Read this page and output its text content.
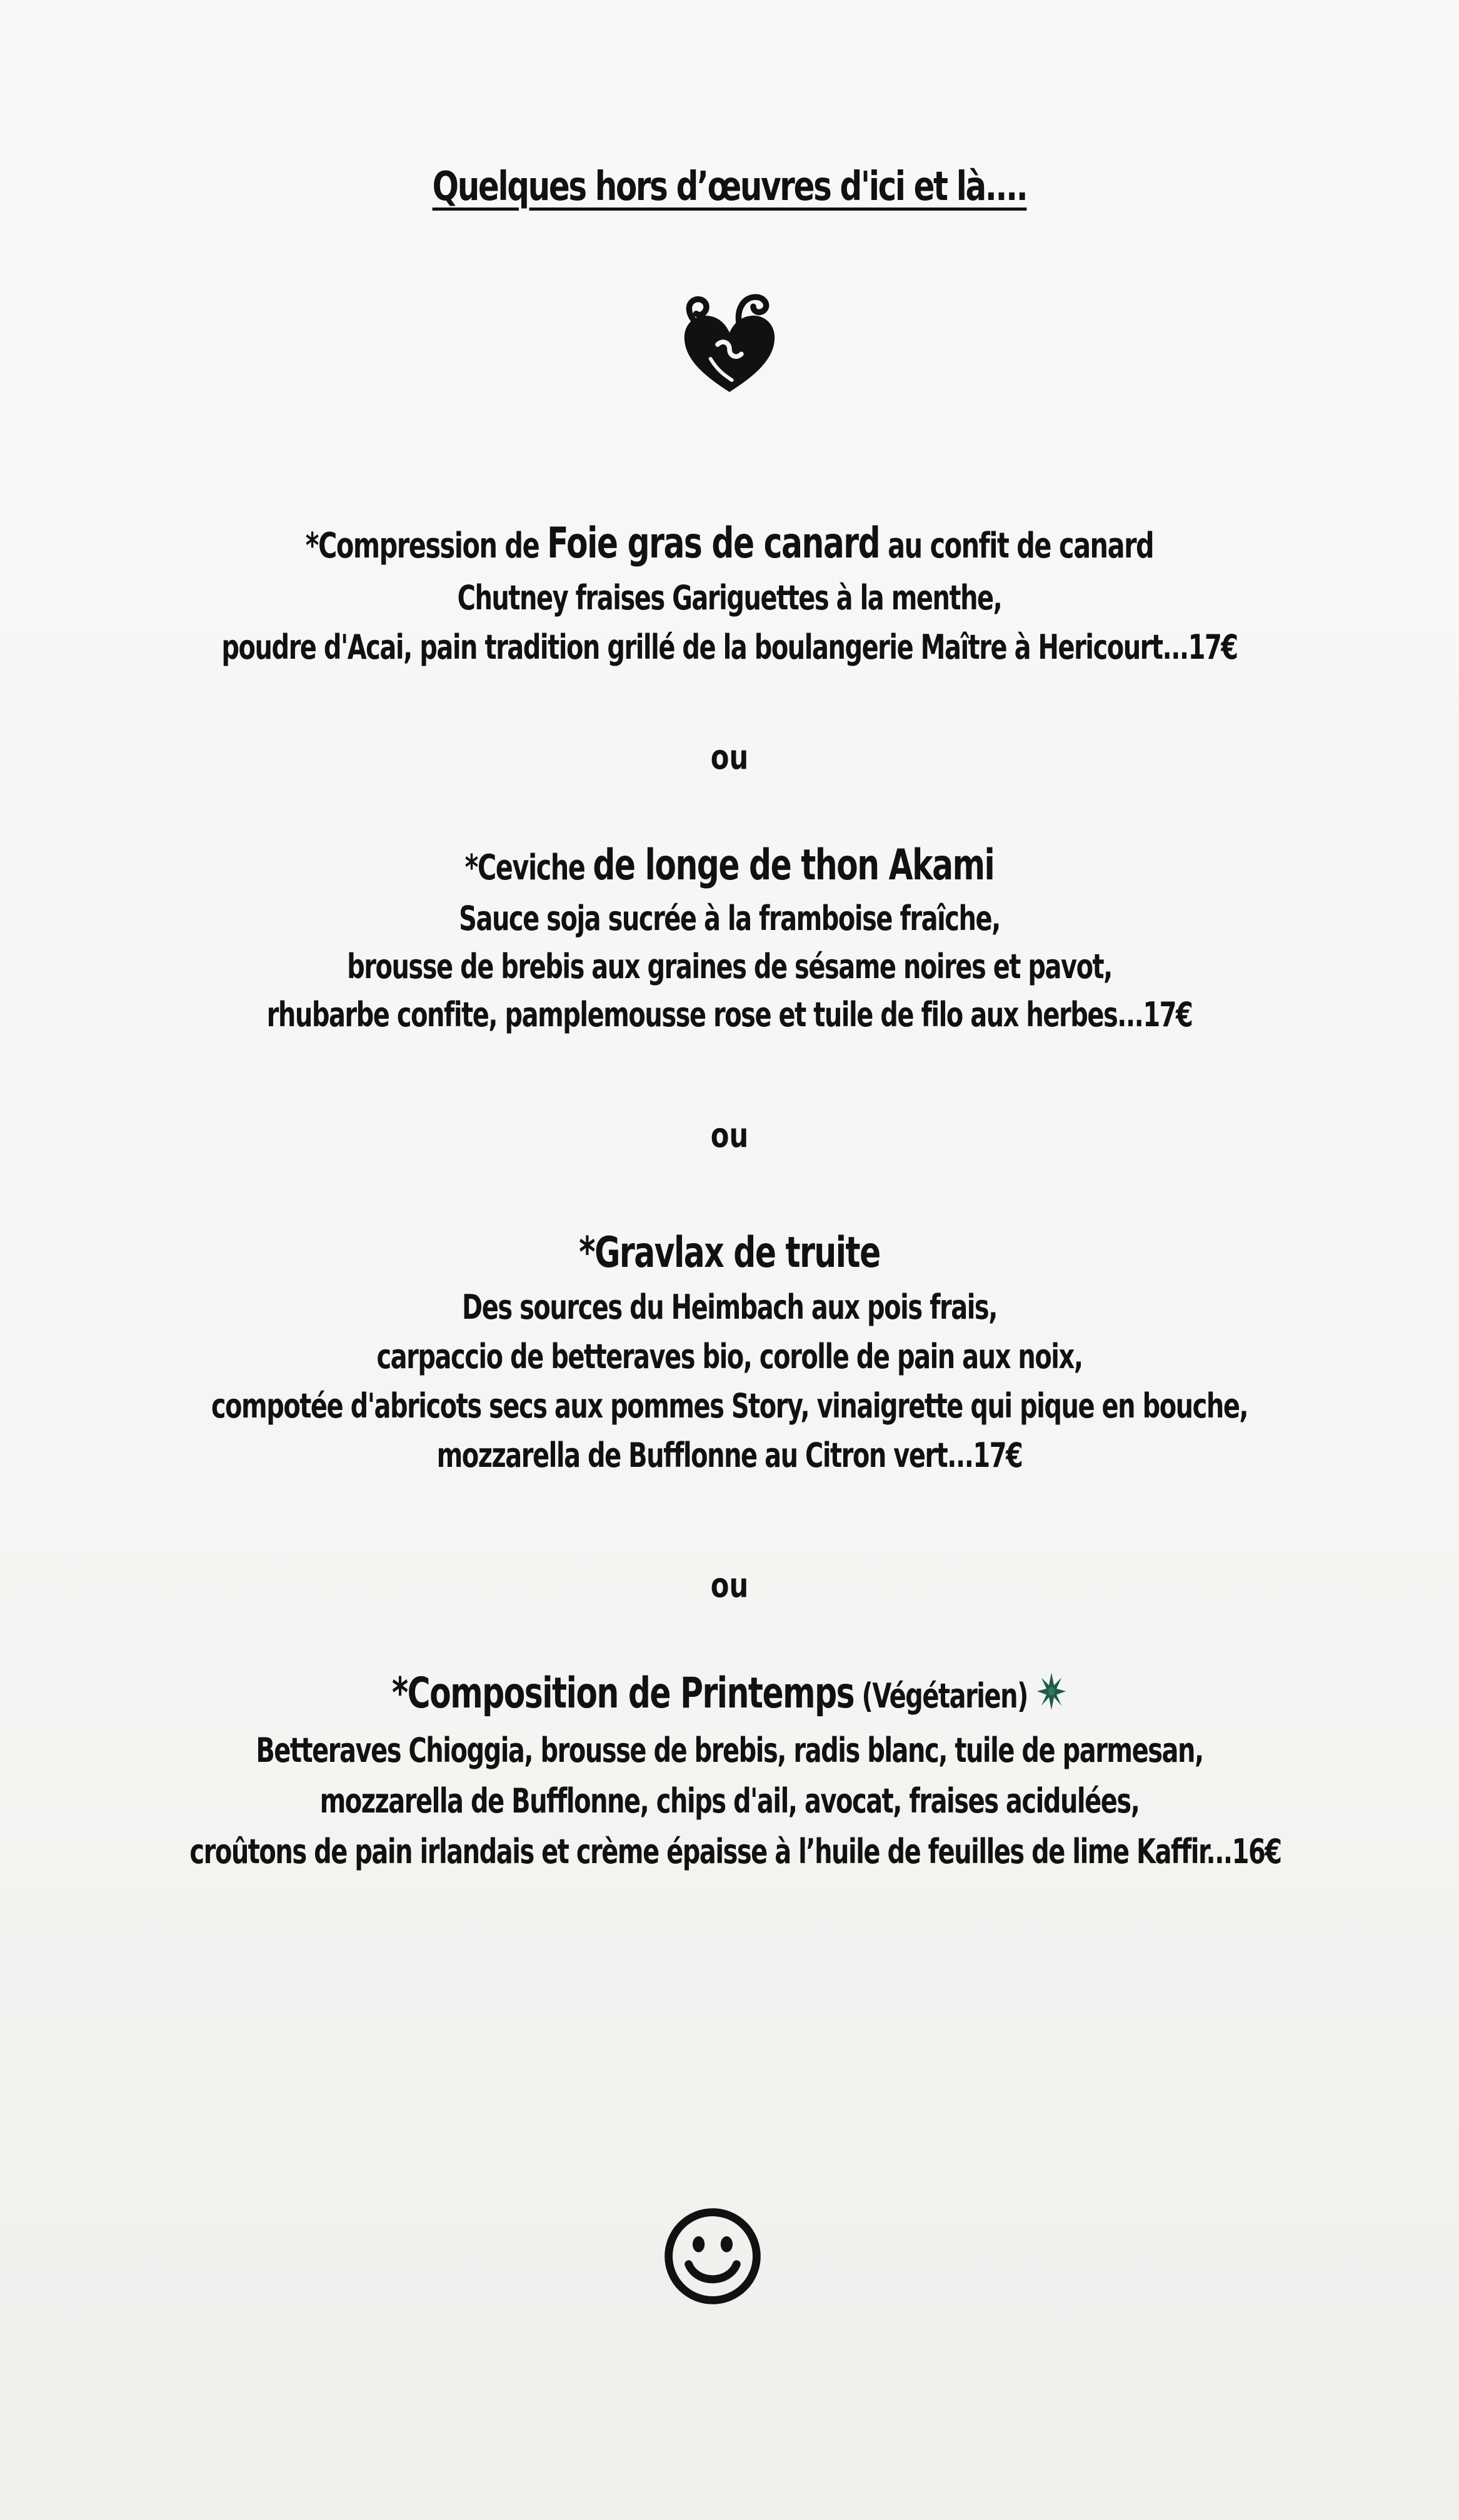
Quelques hors d’œuvres d'ici et là....
*Compression de Foie gras de canard au confit de canard
Chutney fraises Gariguettes à la menthe,
poudre d'Acai, pain tradition grillé de la boulangerie Maître à Hericourt...17€
ou
*Ceviche de longe de thon Akami
Sauce soja sucrée à la framboise fraîche,
brousse de brebis aux graines de sésame noires et pavot,
rhubarbe confite, pamplemousse rose et tuile de filo aux herbes...17€
ou
*Gravlax de truite
Des sources du Heimbach aux pois frais,
carpaccio de betteraves bio, corolle de pain aux noix,
compotée d'abricots secs aux pommes Story, vinaigrette qui pique en bouche,
mozzarella de Bufflonne au Citron vert...17€
ou
*Composition de Printemps (Végétarien)
Betteraves Chioggia, brousse de brebis, radis blanc, tuile de parmesan,
mozzarella de Bufflonne, chips d'ail, avocat, fraises acidulées,
croûtons de pain irlandais et crème épaisse à l’huile de feuilles de lime Kaffir...16€
